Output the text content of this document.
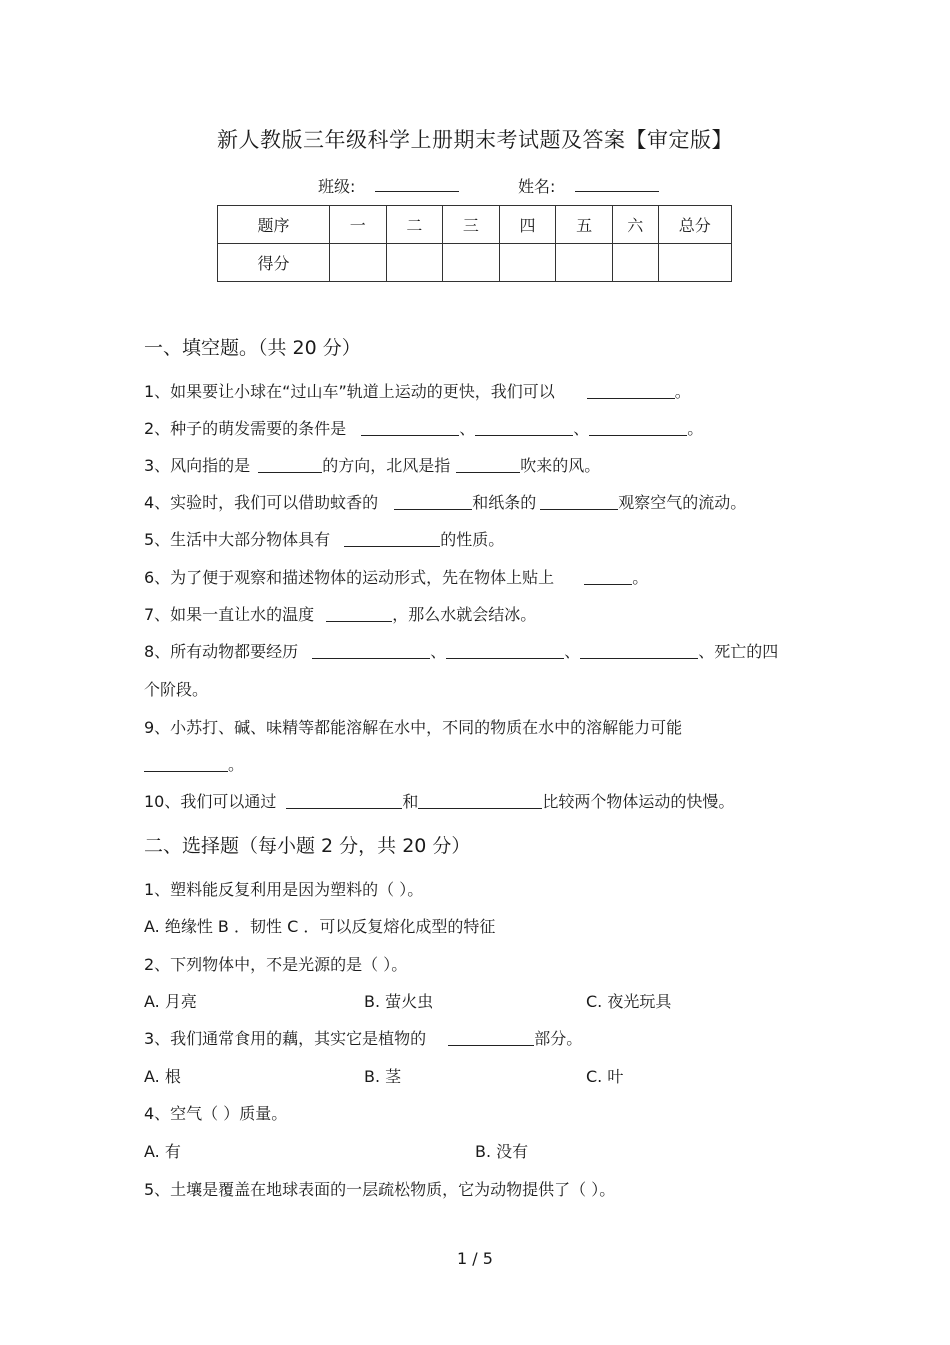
新人教版三年级科学上册期末考试题及答案【审定版】
班级:	姓名:
题序	一	二	三	四	五	六	总分
得分							
一、填空题。（共 20 分）
1、如果要让小球在“过山车”轨道上运动的更快，我们可以	。
2、种子的萌发需要的条件是	、	、	。
3、风向指的是	的方向，北风是指	吹来的风。
4、实验时，我们可以借助蚊香的	和纸条的	观察空气的流动。
5、生活中大部分物体具有	的性质。
6、为了便于观察和描述物体的运动形式，先在物体上贴上	。
7、如果一直让水的温度	，那么水就会结冰。
8、所有动物都要经历	、	、	、死亡的四
个阶段。
9、小苏打、碱、味精等都能溶解在水中，不同的物质在水中的溶解能力可能
。
10、我们可以通过	和	比较两个物体运动的快慢。
二、选择题（每小题 2 分，共 20 分）
1、塑料能反复利用是因为塑料的（ ）。
A. 绝缘性 B ．韧性 C ．可以反复熔化成型的特征
2、下列物体中，不是光源的是（ ）。
A. 月亮	B. 萤火虫	C. 夜光玩具
3、我们通常食用的藕，其实它是植物的	部分。
A. 根	B. 茎	C. 叶
4、空气（ ）质量。
A. 有	B. 没有
5、土壤是覆盖在地球表面的一层疏松物质，它为动物提供了（ ）。
1 / 5
